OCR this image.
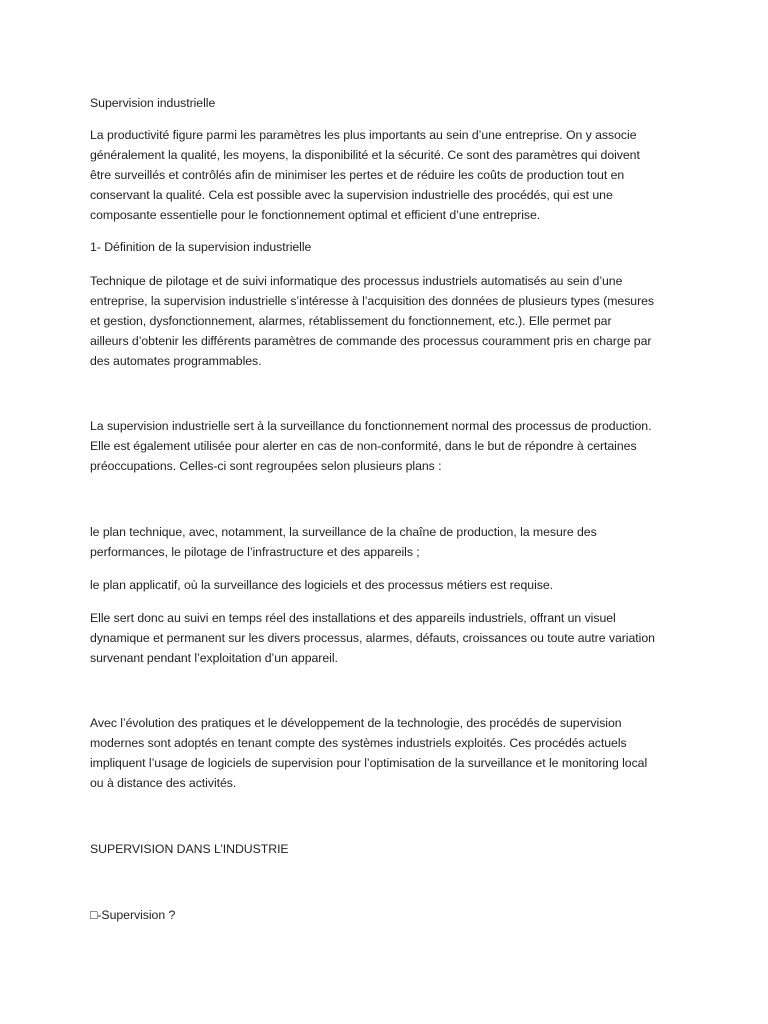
Supervision industrielle

La productivité figure parmi les paramètres les plus importants au sein d’une entreprise. On y associe
généralement la qualité, les moyens, la disponibilité et la sécurité. Ce sont des paramètres qui doivent
être surveillés et contrôlés afin de minimiser les pertes et de réduire les coûts de production tout en
conservant la qualité. Cela est possible avec la supervision industrielle des procédés, qui est une
composante essentielle pour le fonctionnement optimal et efficient d’une entreprise.

1- Définition de la supervision industrielle

Technique de pilotage et de suivi informatique des processus industriels automatisés au sein d’une
entreprise, la supervision industrielle s’intéresse à l’acquisition des données de plusieurs types (mesures
et gestion, dysfonctionnement, alarmes, rétablissement du fonctionnement, etc.). Elle permet par
ailleurs d’obtenir les différents paramètres de commande des processus couramment pris en charge par
des automates programmables.

La supervision industrielle sert à la surveillance du fonctionnement normal des processus de production.
Elle est également utilisée pour alerter en cas de non-conformité, dans le but de répondre à certaines
préoccupations. Celles-ci sont regroupées selon plusieurs plans :

le plan technique, avec, notamment, la surveillance de la chaîne de production, la mesure des
performances, le pilotage de l’infrastructure et des appareils ;

le plan applicatif, où la surveillance des logiciels et des processus métiers est requise.

Elle sert donc au suivi en temps réel des installations et des appareils industriels, offrant un visuel
dynamique et permanent sur les divers processus, alarmes, défauts, croissances ou toute autre variation
survenant pendant l’exploitation d’un appareil.

Avec l’évolution des pratiques et le développement de la technologie, des procédés de supervision
modernes sont adoptés en tenant compte des systèmes industriels exploités. Ces procédés actuels
impliquent l’usage de logiciels de supervision pour l’optimisation de la surveillance et le monitoring local
ou à distance des activités.

SUPERVISION DANS L’INDUSTRIE

□-Supervision ?
